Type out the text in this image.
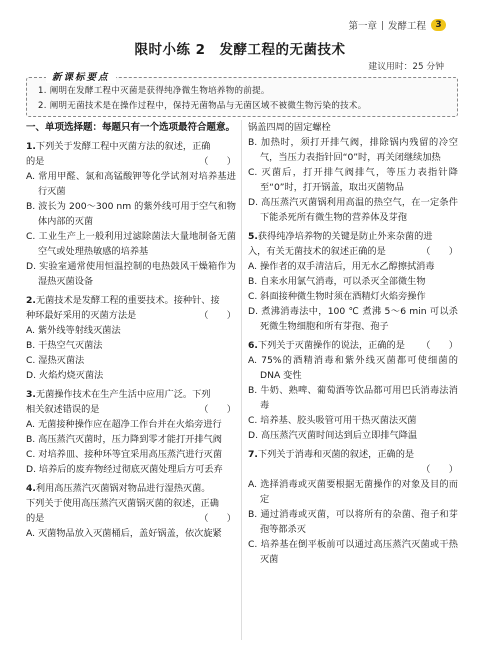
第一章 发酵工程	3
限时小练 2　发酵工程的无菌技术
建议用时：25 分钟
新课标要点
1. 阐明在发酵工程中灭菌是获得纯净微生物培养物的前提。
2. 阐明无菌技术是在操作过程中，保持无菌物品与无菌区域不被微生物污染的技术。
一、单项选择题：每题只有一个选项最符合题意。
1.下列关于发酵工程中灭菌方法的叙述，正确
的是	（　　）
A. 常用甲醛、氯和高锰酸钾等化学试剂对培养基进行灭菌
B. 波长为 200～300 nm 的紫外线可用于空气和物体内部的灭菌
C. 工业生产上一般利用过滤除菌法大量地制备无菌空气或处理热敏感的培养基
D. 实验室通常使用恒温控制的电热鼓风干燥箱作为湿热灭菌设备
2.无菌技术是发酵工程的重要技术。接种针、接
种环最好采用的灭菌方法是	（　　）
A. 紫外线等射线灭菌法
B. 干热空气灭菌法
C. 湿热灭菌法
D. 火焰灼烧灭菌法
3.无菌操作技术在生产生活中应用广泛。下列
相关叙述错误的是	（　　）
A. 无菌接种操作应在超净工作台并在火焰旁进行
B. 高压蒸汽灭菌时，压力降到零才能打开排气阀
C. 对培养皿、接种环等宜采用高压蒸汽进行灭菌
D. 培养后的废弃物经过彻底灭菌处理后方可丢弃
4.利用高压蒸汽灭菌锅对物品进行湿热灭菌。
下列关于使用高压蒸汽灭菌锅灭菌的叙述，正确
的是	（　　）
A. 灭菌物品放入灭菌桶后，盖好锅盖，依次旋紧
锅盖四周的固定螺栓
B. 加热时，须打开排气阀，排除锅内残留的冷空气，当压力表指针回“0”时，再关闭继续加热
C. 灭菌后，打开排气阀排气，等压力表指针降至“0”时，打开锅盖，取出灭菌物品
D. 高压蒸汽灭菌锅利用高温的热空气，在一定条件下能杀死所有微生物的营养体及芽孢
5.获得纯净培养物的关键是防止外来杂菌的进
入，有关无菌技术的叙述正确的是	（　　）
A. 操作者的双手清洁后，用无水乙醇擦拭消毒
B. 自来水用氯气消毒，可以杀灭全部微生物
C. 斜面接种微生物时须在酒精灯火焰旁操作
D. 煮沸消毒法中，100 ℃ 煮沸 5～6 min 可以杀死微生物细胞和所有芽孢、孢子
6.下列关于灭菌操作的说法，正确的是 （　　）
A. 75%的酒精消毒和紫外线灭菌都可使细菌的 DNA 变性
B. 牛奶、熟啤、葡萄酒等饮品都可用巴氏消毒法消毒
C. 培养基、胶头吸管可用干热灭菌法灭菌
D. 高压蒸汽灭菌时间达到后立即排气降温
7.下列关于消毒和灭菌的叙述，正确的是
（　　）
A. 选择消毒或灭菌要根据无菌操作的对象及目的而定
B. 通过消毒或灭菌，可以将所有的杂菌、孢子和芽孢等都杀灭
C. 培养基在倒平板前可以通过高压蒸汽灭菌或干热灭菌
